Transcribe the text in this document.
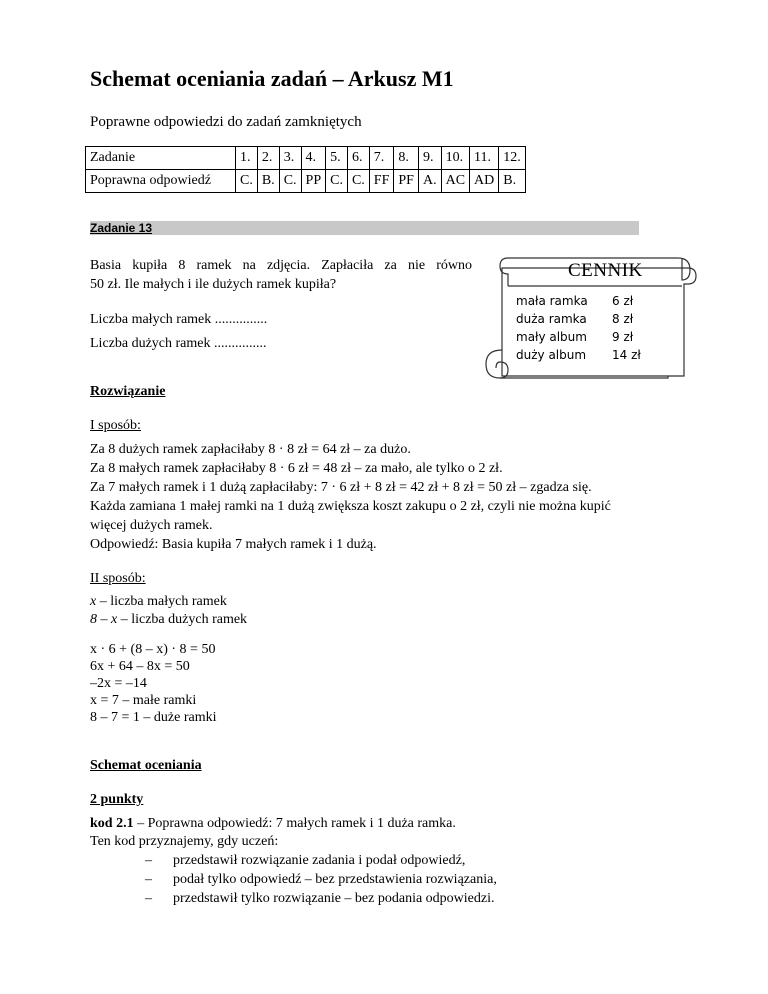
Schemat oceniania zadań – Arkusz M1
Poprawne odpowiedzi do zadań zamkniętych
Zadanie	1.	2.	3.	4.	5.	6.	7.	8.	9.	10.	11.	12.
Poprawna odpowiedź	C.	B.	C.	PP	C.	C.	FF	PF	A.	AC	AD	B.
Zadanie 13
Basia kupiła 8 ramek na zdjęcia. Zapłaciła za nie równo
50 zł. Ile małych i ile dużych ramek kupiła?
Liczba małych ramek ...............
Liczba dużych ramek ...............
CENNIK
mała ramka	6 zł
duża ramka	8 zł
mały album	9 zł
duży album	14 zł
Rozwiązanie
I sposób:
Za 8 dużych ramek zapłaciłaby 8 · 8 zł = 64 zł – za dużo.
Za 8 małych ramek zapłaciłaby 8 · 6 zł = 48 zł – za mało, ale tylko o 2 zł.
Za 7 małych ramek i 1 dużą zapłaciłaby: 7 · 6 zł + 8 zł = 42 zł + 8 zł = 50 zł – zgadza się.
Każda zamiana 1 małej ramki na 1 dużą zwiększa koszt zakupu o 2 zł, czyli nie można kupić
więcej dużych ramek.
Odpowiedź: Basia kupiła 7 małych ramek i 1 dużą.
II sposób:
x – liczba małych ramek
8 – x – liczba dużych ramek
x · 6 + (8 – x) · 8 = 50
6x + 64 – 8x = 50
–2x = –14
x = 7 – małe ramki
8 – 7 = 1 – duże ramki
Schemat oceniania
2 punkty
kod 2.1 – Poprawna odpowiedź: 7 małych ramek i 1 duża ramka.
Ten kod przyznajemy, gdy uczeń:
– przedstawił rozwiązanie zadania i podał odpowiedź,
– podał tylko odpowiedź – bez przedstawienia rozwiązania,
– przedstawił tylko rozwiązanie – bez podania odpowiedzi.
